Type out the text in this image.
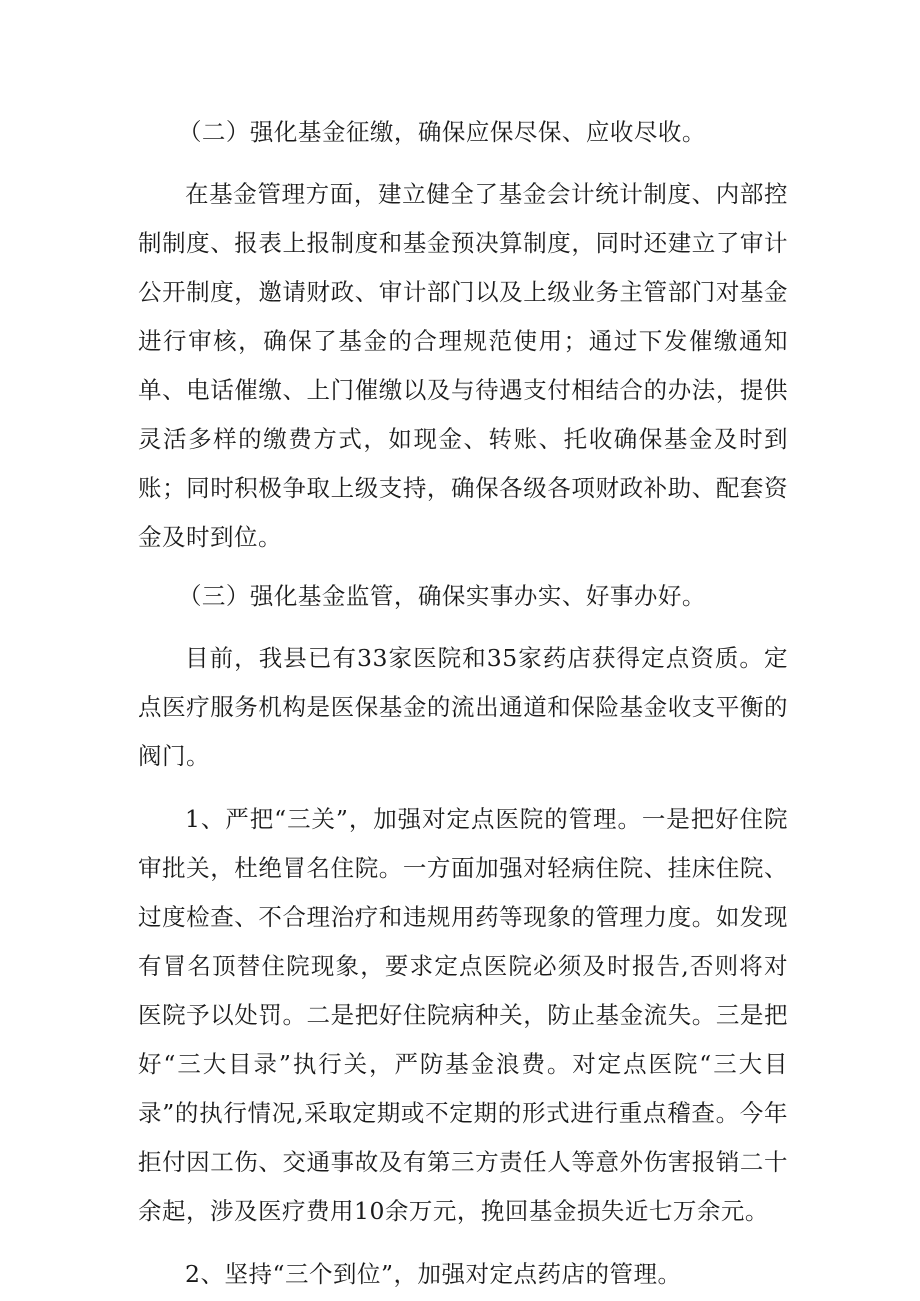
（二）强化基金征缴，确保应保尽保、应收尽收。

在基金管理方面，建立健全了基金会计统计制度、内部控制制度、报表上报制度和基金预决算制度，同时还建立了审计公开制度，邀请财政、审计部门以及上级业务主管部门对基金进行审核，确保了基金的合理规范使用；通过下发催缴通知单、电话催缴、上门催缴以及与待遇支付相结合的办法，提供灵活多样的缴费方式，如现金、转账、托收确保基金及时到账；同时积极争取上级支持，确保各级各项财政补助、配套资金及时到位。

（三）强化基金监管，确保实事办实、好事办好。

目前，我县已有33家医院和35家药店获得定点资质。定点医疗服务机构是医保基金的流出通道和保险基金收支平衡的阀门。

1、严把“三关”，加强对定点医院的管理。一是把好住院审批关，杜绝冒名住院。一方面加强对轻病住院、挂床住院、过度检查、不合理治疗和违规用药等现象的管理力度。如发现有冒名顶替住院现象，要求定点医院必须及时报告,否则将对医院予以处罚。二是把好住院病种关，防止基金流失。三是把好“三大目录”执行关，严防基金浪费。对定点医院“三大目录”的执行情况,采取定期或不定期的形式进行重点稽查。今年拒付因工伤、交通事故及有第三方责任人等意外伤害报销二十余起，涉及医疗费用10余万元，挽回基金损失近七万余元。

2、坚持“三个到位”，加强对定点药店的管理。
